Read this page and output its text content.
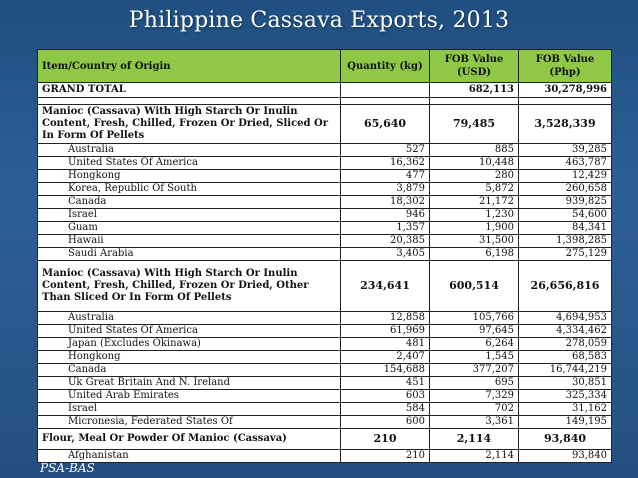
Philippine Cassava Exports, 2013
Item/Country of Origin	Quantity (kg)	FOB Value (USD)	FOB Value (Php)
GRAND TOTAL		682,113	30,278,996

Manioc (Cassava) With High Starch Or Inulin Content, Fresh, Chilled, Frozen Or Dried, Sliced Or In Form Of Pellets	65,640	79,485	3,528,339
Australia	527	885	39,285
United States Of America	16,362	10,448	463,787
Hongkong	477	280	12,429
Korea, Republic Of South	3,879	5,872	260,658
Canada	18,302	21,172	939,825
Israel	946	1,230	54,600
Guam	1,357	1,900	84,341
Hawaii	20,385	31,500	1,398,285
Saudi Arabia	3,405	6,198	275,129
Manioc (Cassava) With High Starch Or Inulin Content, Fresh, Chilled, Frozen Or Dried, Other Than Sliced Or In Form Of Pellets	234,641	600,514	26,656,816
Australia	12,858	105,766	4,694,953
United States Of America	61,969	97,645	4,334,462
Japan (Excludes Okinawa)	481	6,264	278,059
Hongkong	2,407	1,545	68,583
Canada	154,688	377,207	16,744,219
Uk Great Britain And N. Ireland	451	695	30,851
United Arab Emirates	603	7,329	325,334
Israel	584	702	31,162
Micronesia, Federated States Of	600	3,361	149,195
Flour, Meal Or Powder Of Manioc (Cassava)	210	2,114	93,840
Afghanistan	210	2,114	93,840
PSA-BAS
